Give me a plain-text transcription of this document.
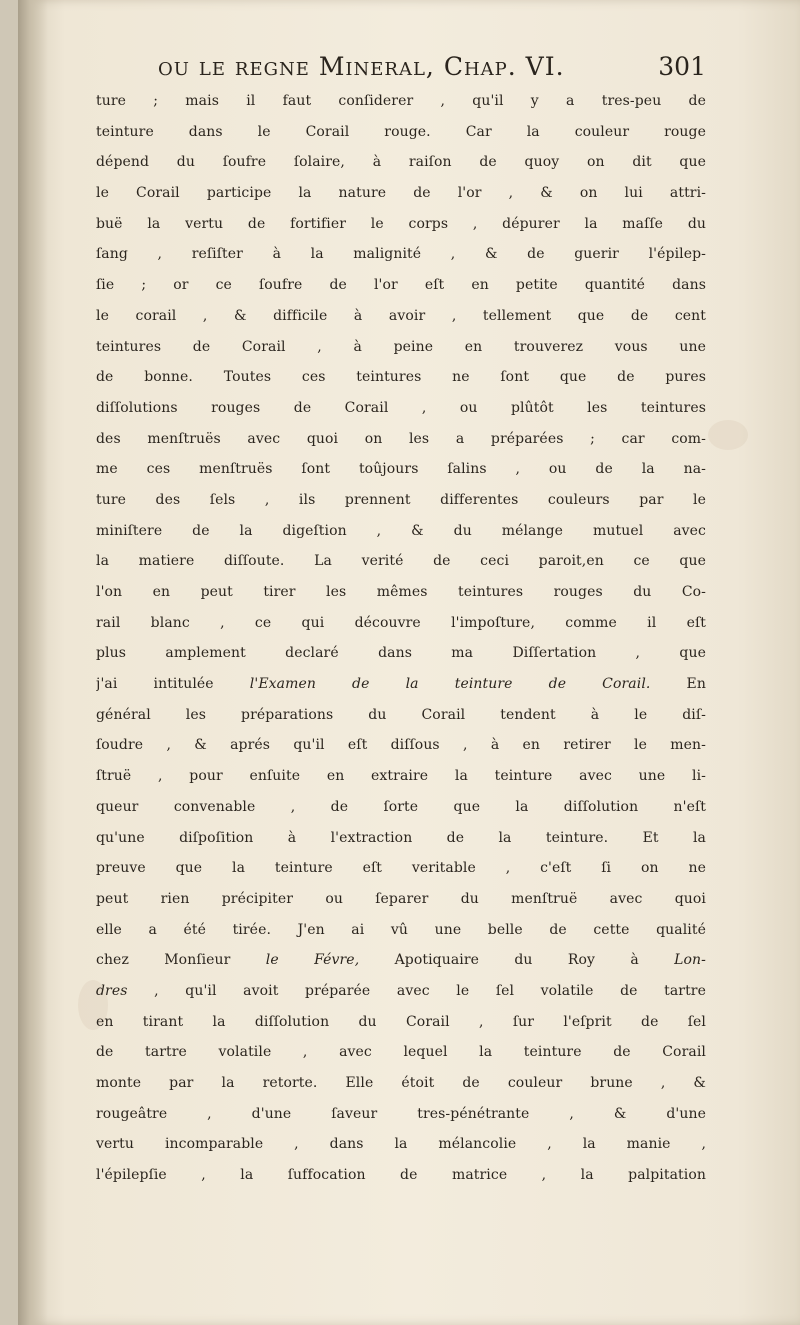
ou le regne Mineral, Chap. VI.	301
ture ; mais il faut conſiderer , qu'il y a tres-peu de
teinture dans le Corail rouge. Car la couleur rouge
dépend du ſoufre ſolaire, à raiſon de quoy on dit que
le Corail participe la nature de l'or , & on lui attri-
buë la vertu de fortifier le corps , dépurer la maſſe du
ſang , reſiſter à la malignité , & de guerir l'épilep-
ſie ; or ce ſoufre de l'or eſt en petite quantité dans
le corail , & difficile à avoir , tellement que de cent
teintures de Corail , à peine en trouverez vous une
de bonne. Toutes ces teintures ne ſont que de pures
diſſolutions rouges de Corail , ou plûtôt les teintures
des menſtruës avec quoi on les a préparées ; car com-
me ces menſtruës ſont toûjours ſalins , ou de la na-
ture des ſels , ils prennent differentes couleurs par le
miniſtere de la digeſtion , & du mélange mutuel avec
la matiere diſſoute. La verité de ceci paroit,en ce que
l'on en peut tirer les mêmes teintures rouges du Co-
rail blanc , ce qui découvre l'impoſture, comme il eſt
plus amplement declaré dans ma Diſſertation , que
j'ai intitulée l'Examen de la teinture de Corail. En
général les préparations du Corail tendent à le diſ-
ſoudre , & aprés qu'il eſt diſſous , à en retirer le men-
ſtruë , pour enſuite en extraire la teinture avec une li-
queur convenable , de ſorte que la diſſolution n'eſt
qu'une diſpoſition à l'extraction de la teinture. Et la
preuve que la teinture eſt veritable , c'eſt ſi on ne
peut rien précipiter ou ſeparer du menſtruë avec quoi
elle a été tirée. J'en ai vû une belle de cette qualité
chez Monſieur le Févre, Apotiquaire du Roy à Lon-
dres , qu'il avoit préparée avec le ſel volatile de tartre
en tirant la diſſolution du Corail , ſur l'eſprit de ſel
de tartre volatile , avec lequel la teinture de Corail
monte par la retorte. Elle étoit de couleur brune , &
rougeâtre , d'une ſaveur tres-pénétrante , & d'une
vertu incomparable , dans la mélancolie , la manie ,
l'épilepſie , la ſuffocation de matrice , la palpitation
